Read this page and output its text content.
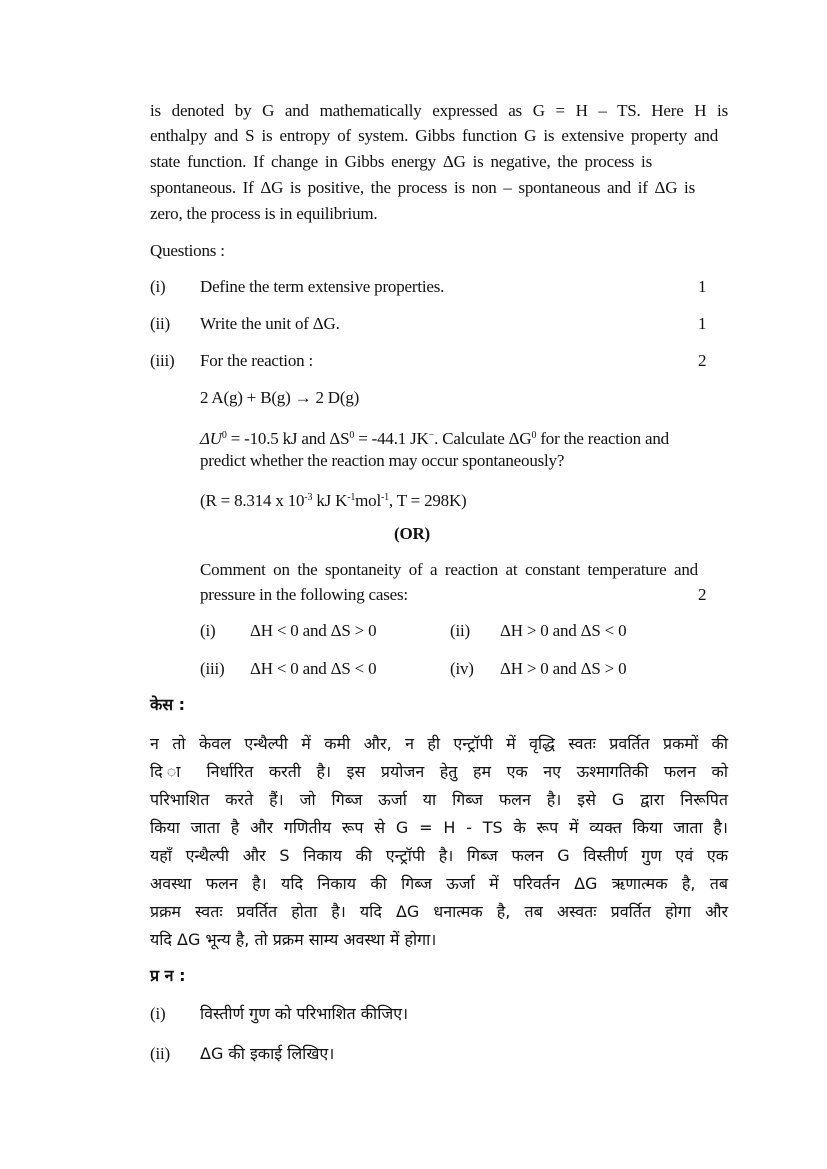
is denoted by G and mathematically expressed as G = H – TS. Here H is
enthalpy and S is entropy of system. Gibbs function G is extensive property and
state function. If change in Gibbs energy ΔG is negative, the process is
spontaneous. If ΔG is positive, the process is non – spontaneous and if ΔG is
zero, the process is in equilibrium.
Questions :
(i) Define the term extensive properties.	1
(ii) Write the unit of ΔG.	1
(iii) For the reaction :	2
2 A(g) + B(g) → 2 D(g)
$\Delta U^0 = -10.5$ kJ and $\Delta S^0 = -44.1$ JK−. Calculate $\Delta G^0$ for the reaction and
predict whether the reaction may occur spontaneously?
(R = 8.314 x $10^{-3}$ kJ $K^{-1}mol^{-1}$, T = 298K)
(OR)
Comment on the spontaneity of a reaction at constant temperature and
pressure in the following cases:	2
(i) ΔH < 0 and ΔS > 0	(ii) ΔH > 0 and ΔS < 0
(iii) ΔH < 0 and ΔS < 0	(iv) ΔH > 0 and ΔS > 0
केस :
न तो केवल एन्थैल्पी में कमी और, न ही एन्ट्रॉपी में वृद्धि स्वतः प्रवर्तित प्रकमों की
दि ा निर्धारित करती है। इस प्रयोजन हेतु हम एक नए ऊश्मागतिकी फलन को
परिभाशित करते हैं। जो गिब्ज ऊर्जा या गिब्ज फलन है। इसे G द्वारा निरूपित
किया जाता है और गणितीय रूप से G = H - TS के रूप में व्यक्त किया जाता है।
यहाँ एन्थैल्पी और S निकाय की एन्ट्रॉपी है। गिब्ज फलन G विस्तीर्ण गुण एवं एक
अवस्था फलन है। यदि निकाय की गिब्ज ऊर्जा में परिवर्तन ΔG ऋणात्मक है, तब
प्रक्रम स्वतः प्रवर्तित होता है। यदि ΔG धनात्मक है, तब अस्वतः प्रवर्तित होगा और
यदि ΔG भून्य है, तो प्रक्रम साम्य अवस्था में होगा।
प्र न :
(i) विस्तीर्ण गुण को परिभाशित कीजिए।
(ii) ΔG की इकाई लिखिए।
